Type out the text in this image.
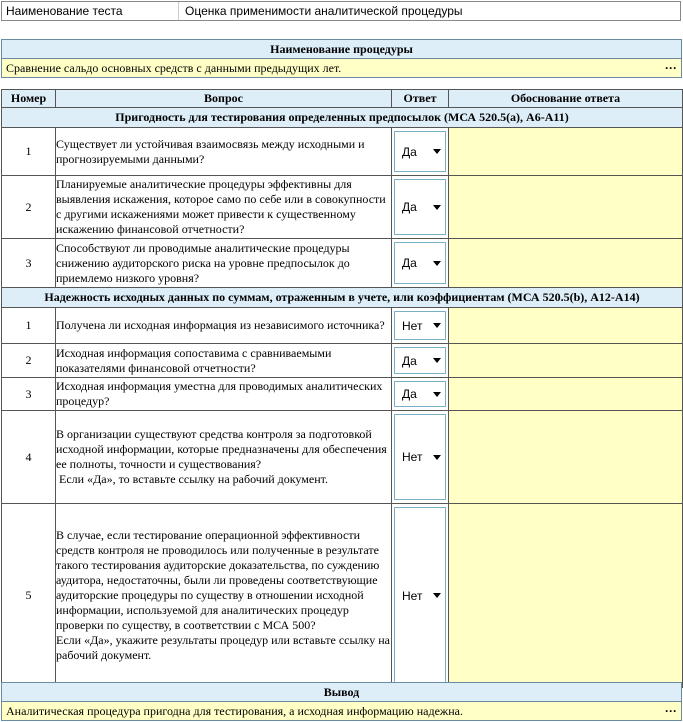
Наименование теста	Оценка применимости аналитической процедуры
Наименование процедуры
Сравнение сальдо основных средств с данными предыдущих лет.	···
Номер	Вопрос	Ответ	Обоснование ответа
Пригодность для тестирования определенных предпосылок (МСА 520.5(a), A6-A11)			
1	Существует ли устойчивая взаимосвязь между исходными и прогнозируемыми данными?	Да	

2	Планируемые аналитические процедуры эффективны для выявления искажения, которое само по себе или в совокупности с другими искажениями может привести к существенному искажению финансовой отчетности?	Да	

3	Способствуют ли проводимые аналитические процедуры снижению аудиторского риска на уровне предпосылок до приемлемо низкого уровня?	Да	

Надежность исходных данных по суммам, отраженным в учете, или коэффициентам (МСА 520.5(b), A12-A14)			
1	Получена ли исходная информация из независимого источника?	Нет	

2	Исходная информация сопоставима с сравниваемыми показателями финансовой отчетности?	Да	

3	Исходная информация уместна для проводимых аналитических процедур?	Да	

4	В организации существуют средства контроля за подготовкой исходной информации, которые предназначены для обеспечения ее полноты, точности и существования?
Если «Да», то вставьте ссылку на рабочий документ.	Нет	

5	В случае, если тестирование операционной эффективности средств контроля не проводилось или полученные в результате такого тестирования аудиторские доказательства, по суждению аудитора, недостаточны, были ли проведены соответствующие аудиторские процедуры по существу в отношении исходной информации, используемой для аналитических процедур проверки по существу, в соответствии с МСА 500?
Если «Да», укажите результаты процедур или вставьте ссылку на рабочий документ.	Нет	

Вывод
Аналитическая процедура пригодна для тестирования, а исходная информацию надежна.	···
